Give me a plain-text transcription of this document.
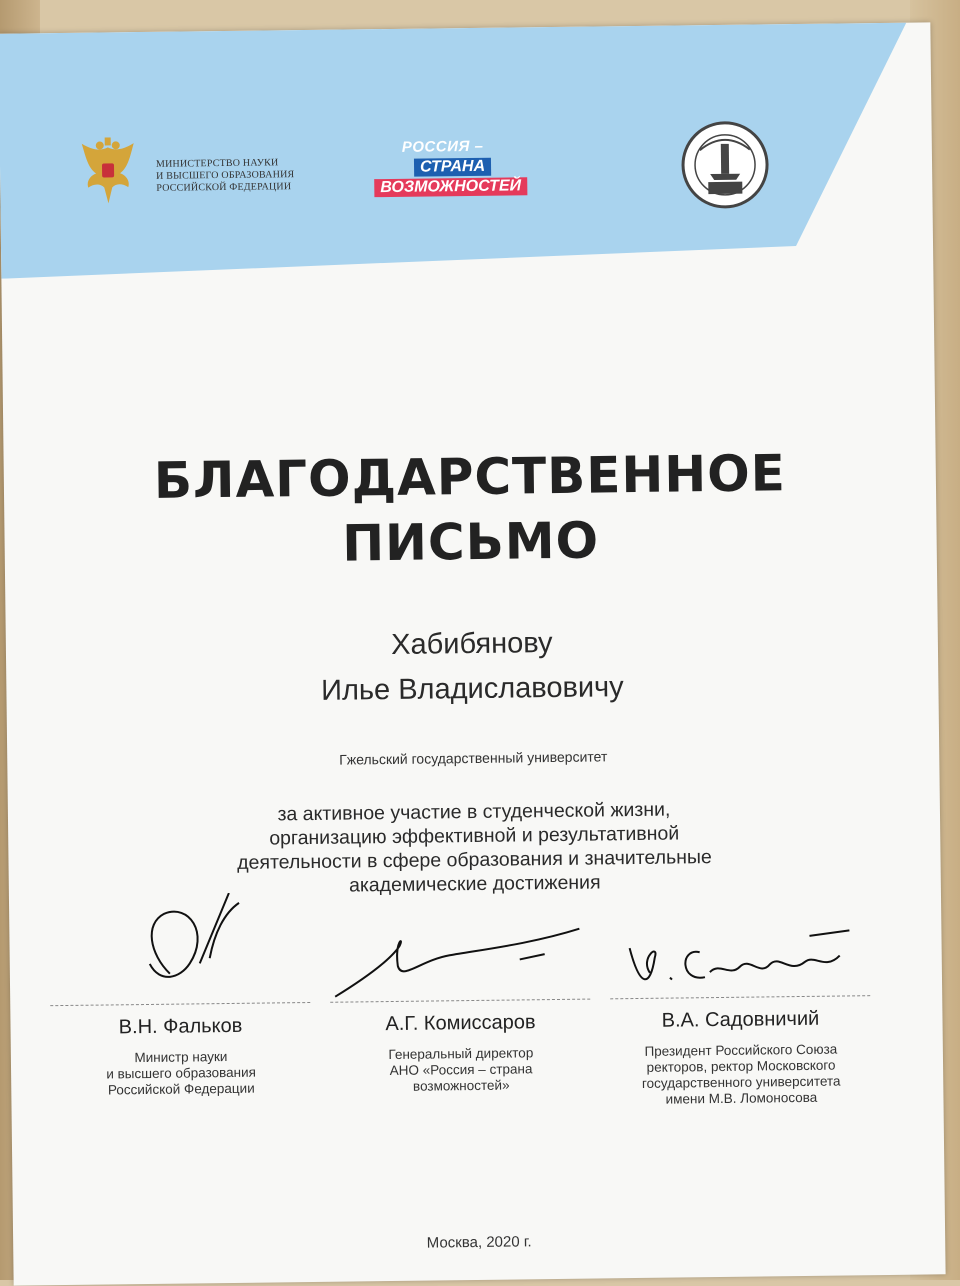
МИНИСТЕРСТВО НАУКИ
И ВЫСШЕГО ОБРАЗОВАНИЯ
РОССИЙСКОЙ ФЕДЕРАЦИИ
РОССИЯ –
СТРАНА
ВОЗМОЖНОСТЕЙ
БЛАГОДАРСТВЕННОЕ
ПИСЬМО
Хабибянову
Илье Владиславовичу
Гжельский государственный университет
за активное участие в студенческой жизни,
организацию эффективной и результативной
деятельности в сфере образования и значительные
академические достижения
В.Н. Фальков
Министр науки
и высшего образования
Российской Федерации
А.Г. Комиссаров
Генеральный директор
АНО «Россия – страна
возможностей»
В.А. Садовничий
Президент Российского Союза
ректоров, ректор Московского
государственного университета
имени М.В. Ломоносова
Москва, 2020 г.
